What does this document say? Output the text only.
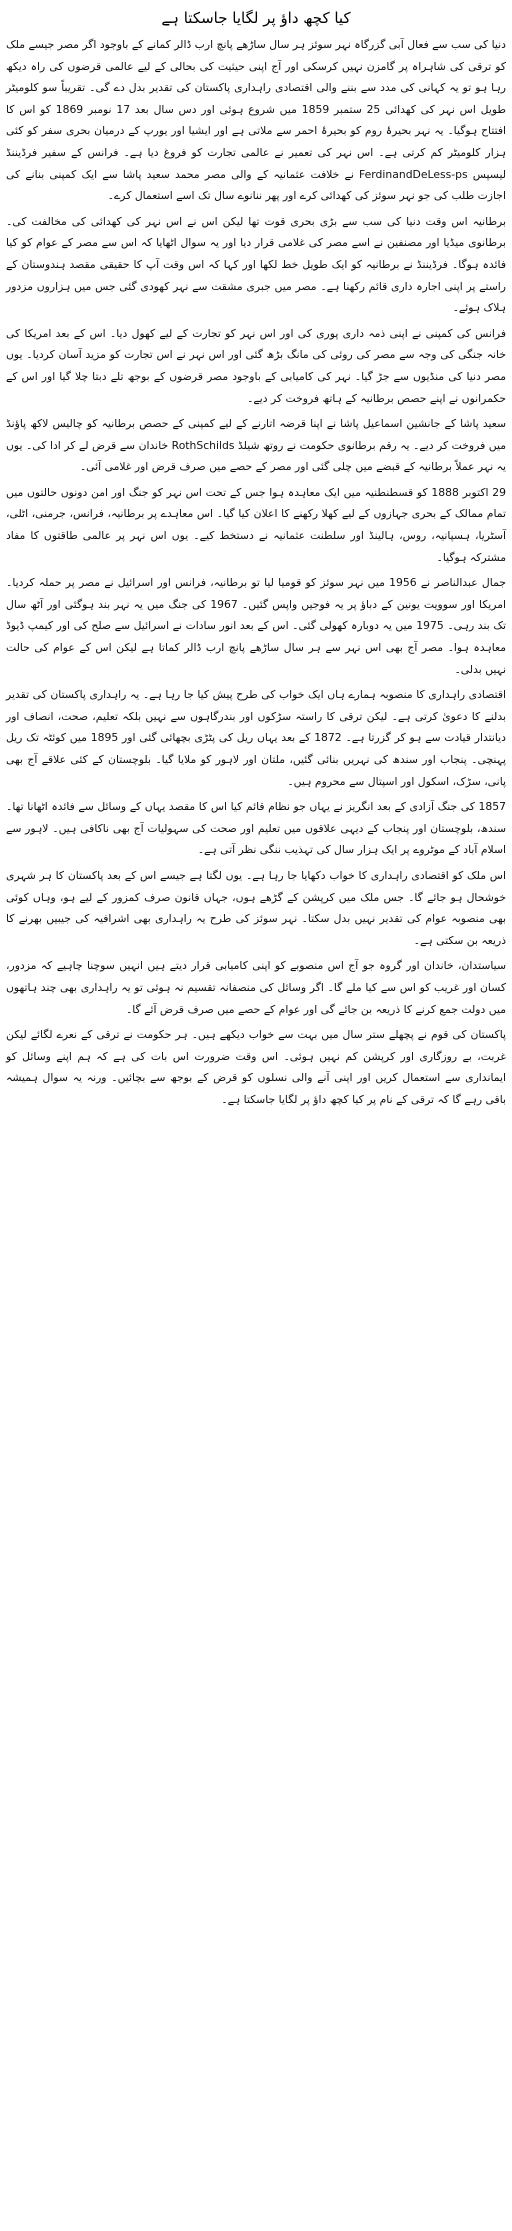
کیا کچھ داؤ پر لگایا جاسکتا ہے

دنیا کی سب سے فعال آبی گزرگاہ نہر سوئز ہر سال ساڑھے پانچ ارب ڈالر کمانے کے باوجود اگر مصر جیسے ملک کو ترقی کی شاہراہ پر گامزن نہیں کرسکی اور آج اپنی حیثیت کی بحالی کے لیے عالمی قرضوں کی راہ دیکھ رہا ہو تو یہ کہانی کی مدد سے بننے والی اقتصادی راہداری پاکستان کی تقدیر بدل دے گی۔ تقریباً سو کلومیٹر طویل اس نہر کی کھدائی 25 ستمبر 1859 میں شروع ہوئی اور دس سال بعد 17 نومبر 1869 کو اس کا افتتاح ہوگیا۔ یہ نہر بحیرۂ روم کو بحیرۂ احمر سے ملاتی ہے اور ایشیا اور یورپ کے درمیان بحری سفر کو کئی ہزار کلومیٹر کم کرتی ہے۔ اس نہر کی تعمیر نے عالمی تجارت کو فروغ دیا ہے۔ فرانس کے سفیر فرڈیننڈ لیسپس FerdinandDeLess-ps نے خلافت عثمانیہ کے والی مصر محمد سعید پاشا سے ایک کمپنی بنانے کی اجازت طلب کی جو نہر سوئز کی کھدائی کرے اور پھر ننانوے سال تک اسے استعمال کرے۔

برطانیہ اس وقت دنیا کی سب سے بڑی بحری قوت تھا لیکن اس نے اس نہر کی کھدائی کی مخالفت کی۔ برطانوی میڈیا اور مصنفین نے اسے مصر کی غلامی قرار دیا اور یہ سوال اٹھایا کہ اس سے مصر کے عوام کو کیا فائدہ ہوگا۔ فرڈیننڈ نے برطانیہ کو ایک طویل خط لکھا اور کہا کہ اس وقت آپ کا حقیقی مقصد ہندوستان کے راستے پر اپنی اجارہ داری قائم رکھنا ہے۔ مصر میں جبری مشقت سے نہر کھودی گئی جس میں ہزاروں مزدور ہلاک ہوئے۔

فرانس کی کمپنی نے اپنی ذمہ داری پوری کی اور اس نہر کو تجارت کے لیے کھول دیا۔ اس کے بعد امریکا کی خانہ جنگی کی وجہ سے مصر کی روئی کی مانگ بڑھ گئی اور اس نہر نے اس تجارت کو مزید آسان کردیا۔ یوں مصر دنیا کی منڈیوں سے جڑ گیا۔ نہر کی کامیابی کے باوجود مصر قرضوں کے بوجھ تلے دبتا چلا گیا اور اس کے حکمرانوں نے اپنے حصص برطانیہ کے ہاتھ فروخت کر دیے۔

سعید پاشا کے جانشین اسماعیل پاشا نے اپنا قرضہ اتارنے کے لیے کمپنی کے حصص برطانیہ کو چالیس لاکھ پاؤنڈ میں فروخت کر دیے۔ یہ رقم برطانوی حکومت نے روتھ شیلڈ RothSchilds خاندان سے قرض لے کر ادا کی۔ یوں یہ نہر عملاً برطانیہ کے قبضے میں چلی گئی اور مصر کے حصے میں صرف قرض اور غلامی آئی۔

29 اکتوبر 1888 کو قسطنطنیہ میں ایک معاہدہ ہوا جس کے تحت اس نہر کو جنگ اور امن دونوں حالتوں میں تمام ممالک کے بحری جہازوں کے لیے کھلا رکھنے کا اعلان کیا گیا۔ اس معاہدے پر برطانیہ، فرانس، جرمنی، اٹلی، آسٹریا، ہسپانیہ، روس، ہالینڈ اور سلطنت عثمانیہ نے دستخط کیے۔ یوں اس نہر پر عالمی طاقتوں کا مفاد مشترکہ ہوگیا۔

جمال عبدالناصر نے 1956 میں نہر سوئز کو قومیا لیا تو برطانیہ، فرانس اور اسرائیل نے مصر پر حملہ کردیا۔ امریکا اور سوویت یونین کے دباؤ پر یہ فوجیں واپس گئیں۔ 1967 کی جنگ میں یہ نہر بند ہوگئی اور آٹھ سال تک بند رہی۔ 1975 میں یہ دوبارہ کھولی گئی۔ اس کے بعد انور سادات نے اسرائیل سے صلح کی اور کیمپ ڈیوڈ معاہدہ ہوا۔ مصر آج بھی اس نہر سے ہر سال ساڑھے پانچ ارب ڈالر کماتا ہے لیکن اس کے عوام کی حالت نہیں بدلی۔

اقتصادی راہداری کا منصوبہ ہمارے ہاں ایک خواب کی طرح پیش کیا جا رہا ہے۔ یہ راہداری پاکستان کی تقدیر بدلنے کا دعویٰ کرتی ہے۔ لیکن ترقی کا راستہ سڑکوں اور بندرگاہوں سے نہیں بلکہ تعلیم، صحت، انصاف اور دیانتدار قیادت سے ہو کر گزرتا ہے۔ 1872 کے بعد یہاں ریل کی پٹڑی بچھائی گئی اور 1895 میں کوئٹہ تک ریل پہنچی۔ پنجاب اور سندھ کی نہریں بنائی گئیں، ملتان اور لاہور کو ملایا گیا۔ بلوچستان کے کئی علاقے آج بھی پانی، سڑک، اسکول اور اسپتال سے محروم ہیں۔

1857 کی جنگ آزادی کے بعد انگریز نے یہاں جو نظام قائم کیا اس کا مقصد یہاں کے وسائل سے فائدہ اٹھانا تھا۔ سندھ، بلوچستان اور پنجاب کے دیہی علاقوں میں تعلیم اور صحت کی سہولیات آج بھی ناکافی ہیں۔ لاہور سے اسلام آباد کے موٹروے پر ایک ہزار سال کی تہذیب ننگی نظر آتی ہے۔

اس ملک کو اقتصادی راہداری کا خواب دکھایا جا رہا ہے۔ یوں لگتا ہے جیسے اس کے بعد پاکستان کا ہر شہری خوشحال ہو جائے گا۔ جس ملک میں کرپشن کے گڑھے ہوں، جہاں قانون صرف کمزور کے لیے ہو، وہاں کوئی بھی منصوبہ عوام کی تقدیر نہیں بدل سکتا۔ نہر سوئز کی طرح یہ راہداری بھی اشرافیہ کی جیبیں بھرنے کا ذریعہ بن سکتی ہے۔

سیاستدان، خاندان اور گروہ جو آج اس منصوبے کو اپنی کامیابی قرار دیتے ہیں انہیں سوچنا چاہیے کہ مزدور، کسان اور غریب کو اس سے کیا ملے گا۔ اگر وسائل کی منصفانہ تقسیم نہ ہوئی تو یہ راہداری بھی چند ہاتھوں میں دولت جمع کرنے کا ذریعہ بن جائے گی اور عوام کے حصے میں صرف قرض آئے گا۔

پاکستان کی قوم نے پچھلے ستر سال میں بہت سے خواب دیکھے ہیں۔ ہر حکومت نے ترقی کے نعرے لگائے لیکن غربت، بے روزگاری اور کرپشن کم نہیں ہوئی۔ اس وقت ضرورت اس بات کی ہے کہ ہم اپنے وسائل کو ایمانداری سے استعمال کریں اور اپنی آنے والی نسلوں کو قرض کے بوجھ سے بچائیں۔ ورنہ یہ سوال ہمیشہ باقی رہے گا کہ ترقی کے نام پر کیا کچھ داؤ پر لگایا جاسکتا ہے۔
